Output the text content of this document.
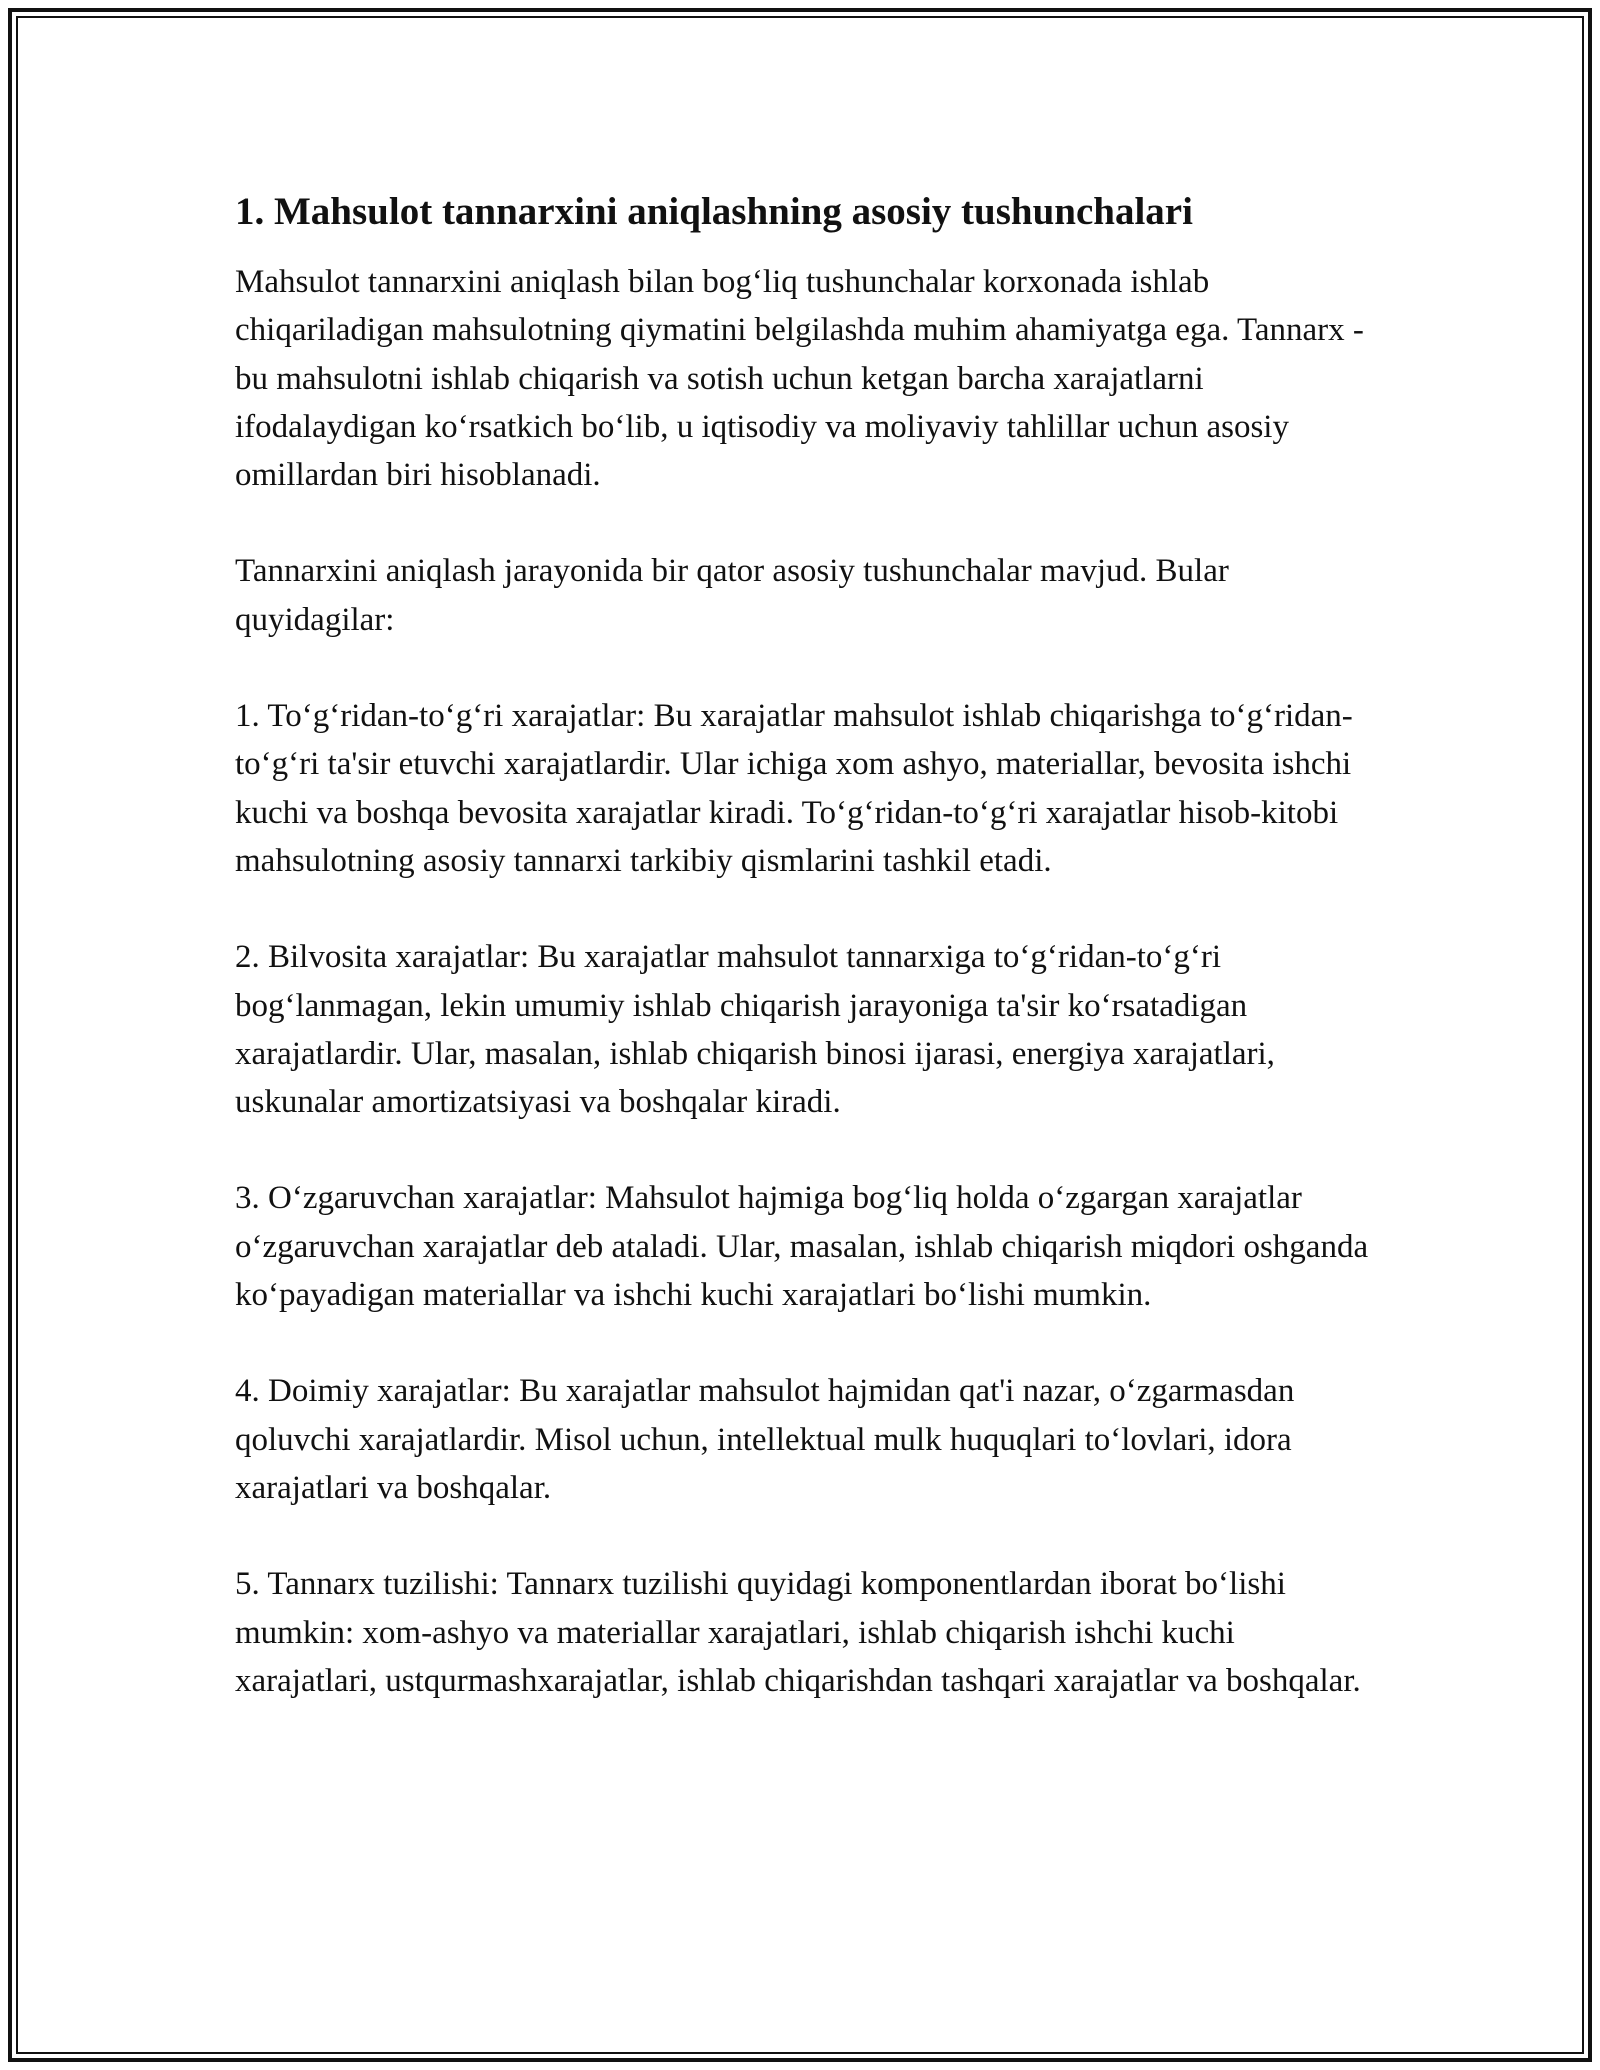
1. Mahsulot tannarxini aniqlashning asosiy tushunchalari

Mahsulot tannarxini aniqlash bilan bog‘liq tushunchalar korxonada ishlab chiqariladigan mahsulotning qiymatini belgilashda muhim ahamiyatga ega. Tannarx - bu mahsulotni ishlab chiqarish va sotish uchun ketgan barcha xarajatlarni ifodalaydigan ko‘rsatkich bo‘lib, u iqtisodiy va moliyaviy tahlillar uchun asosiy omillardan biri hisoblanadi.

Tannarxini aniqlash jarayonida bir qator asosiy tushunchalar mavjud. Bular quyidagilar:

1. To‘g‘ridan-to‘g‘ri xarajatlar: Bu xarajatlar mahsulot ishlab chiqarishga to‘g‘ridan-to‘g‘ri ta'sir etuvchi xarajatlardir. Ular ichiga xom ashyo, materiallar, bevosita ishchi kuchi va boshqa bevosita xarajatlar kiradi. To‘g‘ridan-to‘g‘ri xarajatlar hisob-kitobi mahsulotning asosiy tannarxi tarkibiy qismlarini tashkil etadi.

2. Bilvosita xarajatlar: Bu xarajatlar mahsulot tannarxiga to‘g‘ridan-to‘g‘ri bog‘lanmagan, lekin umumiy ishlab chiqarish jarayoniga ta'sir ko‘rsatadigan xarajatlardir. Ular, masalan, ishlab chiqarish binosi ijarasi, energiya xarajatlari, uskunalar amortizatsiyasi va boshqalar kiradi.

3. O‘zgaruvchan xarajatlar: Mahsulot hajmiga bog‘liq holda o‘zgargan xarajatlar o‘zgaruvchan xarajatlar deb ataladi. Ular, masalan, ishlab chiqarish miqdori oshganda ko‘payadigan materiallar va ishchi kuchi xarajatlari bo‘lishi mumkin.

4. Doimiy xarajatlar: Bu xarajatlar mahsulot hajmidan qat'i nazar, o‘zgarmasdan qoluvchi xarajatlardir. Misol uchun, intellektual mulk huquqlari to‘lovlari, idora xarajatlari va boshqalar.

5. Tannarx tuzilishi: Tannarx tuzilishi quyidagi komponentlardan iborat bo‘lishi mumkin: xom-ashyo va materiallar xarajatlari, ishlab chiqarish ishchi kuchi xarajatlari, ustqurmashxarajatlar, ishlab chiqarishdan tashqari xarajatlar va boshqalar.
